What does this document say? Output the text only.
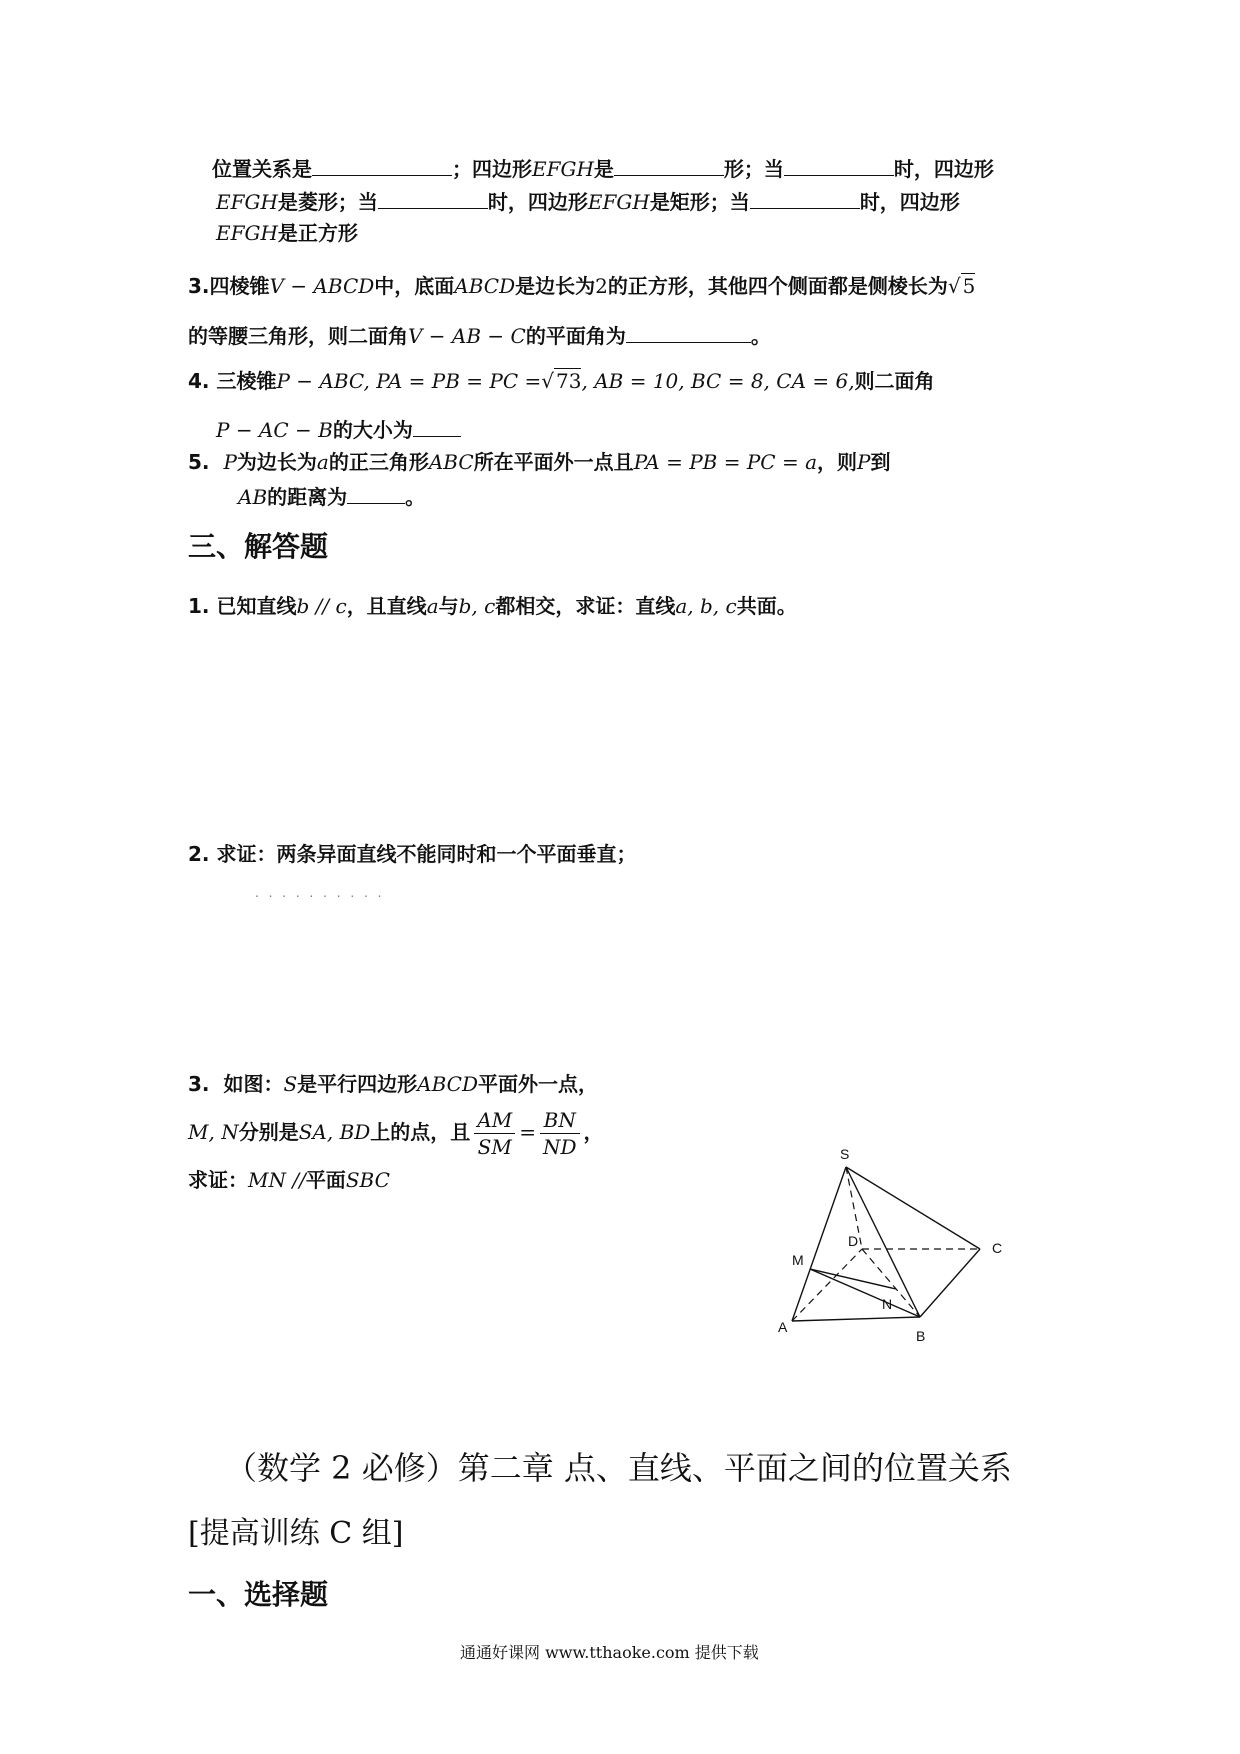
位置关系是	；四边形EFGH是	形；当	时，四边形
EFGH是菱形；当	时，四边形EFGH是矩形；当	时，四边形
EFGH是正方形
3.四棱锥V − ABCD中，底面ABCD是边长为2的正方形，其他四个侧面都是侧棱长为√ 5
的等腰三角形，则二面角V − AB − C的平面角为	。
4. 三棱锥P − ABC, PA = PB = PC =√ 73, AB = 10, BC = 8, CA = 6,则二面角
P − AC − B的大小为
5. P为边长为a的正三角形ABC所在平面外一点且PA = PB = PC = a，则P到
AB的距离为	。
三、解答题
1. 已知直线b // c，且直线a与b, c都相交，求证：直线a, b, c共面。
2. 求证：两条异面直线不能同时和一个平面垂直；
. . . . . . . . . .
3. 如图：S是平行四边形ABCD平面外一点，
M, N分别是SA, BD上的点，且 $\frac{AM}{SM} = \frac{BN}{ND}$ ，
求证：MN //平面SBC
S
M
D	C
N
A
B
（数学 2 必修）第二章 点、直线、平面之间的位置关系
[提高训练 C 组]
一、选择题
通通好课网 www.tthaoke.com 提供下载
